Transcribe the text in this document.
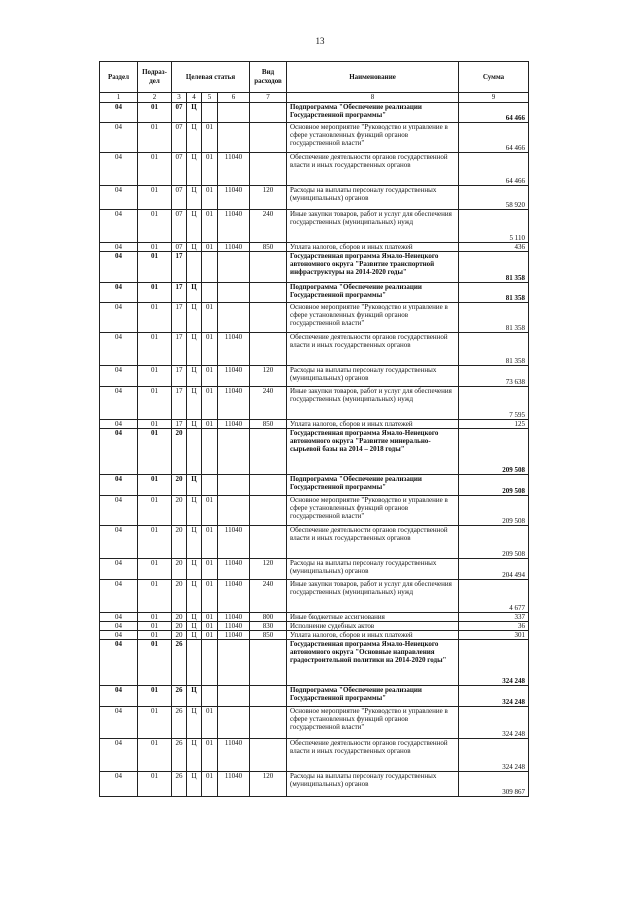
13
Раздел	Подраз- дел	Целевая статья				Вид расходов	Наименование	Сумма
1	2	3	4	5	6	7	8	9
04	01	07	Ц				Подпрограмма "Обеспечение реализации Государственной программы"	64 466
04	01	07	Ц	01			Основное мероприятие "Руководство и управление в сфере установленных функций органов государственной власти"	64 466
04	01	07	Ц	01	11040		Обеспечение деятельности органов государственной власти и иных государственных органов	64 466
04	01	07	Ц	01	11040	120	Расходы на выплаты персоналу государственных (муниципальных) органов	58 920
04	01	07	Ц	01	11040	240	Иные закупки товаров, работ и услуг для обеспечения государственных (муниципальных) нужд	5 110
04	01	07	Ц	01	11040	850	Уплата налогов, сборов и иных платежей	436
04	01	17					Государственная программа Ямало-Ненецкого автономного округа "Развитие транспортной инфраструктуры на 2014-2020 годы"	81 358
04	01	17	Ц				Подпрограмма "Обеспечение реализации Государственной программы"	81 358
04	01	17	Ц	01			Основное мероприятие "Руководство и управление в сфере установленных функций органов государственной власти"	81 358
04	01	17	Ц	01	11040		Обеспечение деятельности органов государственной власти и иных государственных органов	81 358
04	01	17	Ц	01	11040	120	Расходы на выплаты персоналу государственных (муниципальных) органов	73 638
04	01	17	Ц	01	11040	240	Иные закупки товаров, работ и услуг для обеспечения государственных (муниципальных) нужд	7 595
04	01	17	Ц	01	11040	850	Уплата налогов, сборов и иных платежей	125
04	01	20					Государственная программа Ямало-Ненецкого автономного округа "Развитие минерально-сырьевой базы на 2014 – 2018 годы"	209 508
04	01	20	Ц				Подпрограмма "Обеспечение реализации Государственной программы"	209 508
04	01	20	Ц	01			Основное мероприятие "Руководство и управление в сфере установленных функций органов государственной власти"	209 508
04	01	20	Ц	01	11040		Обеспечение деятельности органов государственной власти и иных государственных органов	209 508
04	01	20	Ц	01	11040	120	Расходы на выплаты персоналу государственных (муниципальных) органов	204 494
04	01	20	Ц	01	11040	240	Иные закупки товаров, работ и услуг для обеспечения государственных (муниципальных) нужд	4 677
04	01	20	Ц	01	11040	800	Иные бюджетные ассигнования	337
04	01	20	Ц	01	11040	830	Исполнение судебных актов	36
04	01	20	Ц	01	11040	850	Уплата налогов, сборов и иных платежей	301
04	01	26					Государственная программа Ямало-Ненецкого автономного округа "Основные направления градостроительной политики на 2014-2020 годы"	324 248
04	01	26	Ц				Подпрограмма "Обеспечение реализации Государственной программы"	324 248
04	01	26	Ц	01			Основное мероприятие "Руководство и управление в сфере установленных функций органов государственной власти"	324 248
04	01	26	Ц	01	11040		Обеспечение деятельности органов государственной власти и иных государственных органов	324 248
04	01	26	Ц	01	11040	120	Расходы на выплаты персоналу государственных (муниципальных) органов	309 867
